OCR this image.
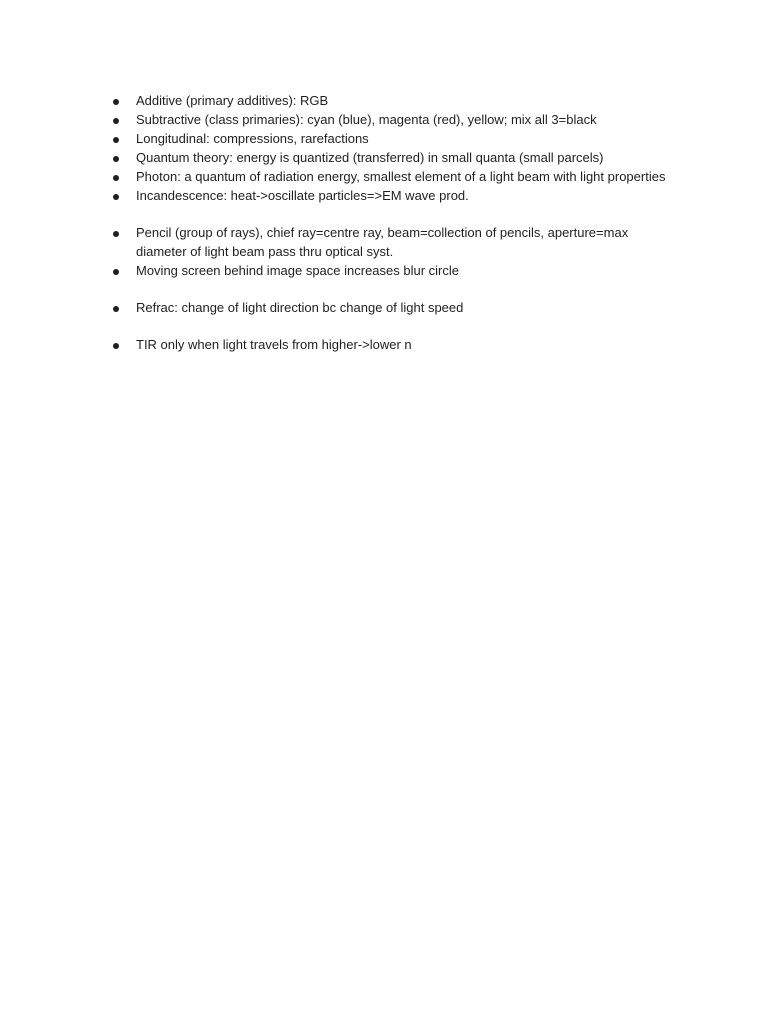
Additive (primary additives): RGB
Subtractive (class primaries): cyan (blue), magenta (red), yellow; mix all 3=black
Longitudinal: compressions, rarefactions
Quantum theory: energy is quantized (transferred) in small quanta (small parcels)
Photon: a quantum of radiation energy, smallest element of a light beam with light properties
Incandescence: heat->oscillate particles=>EM wave prod.
Pencil (group of rays), chief ray=centre ray, beam=collection of pencils, aperture=max diameter of light beam pass thru optical syst.
Moving screen behind image space increases blur circle
Refrac: change of light direction bc change of light speed
TIR only when light travels from higher->lower n
